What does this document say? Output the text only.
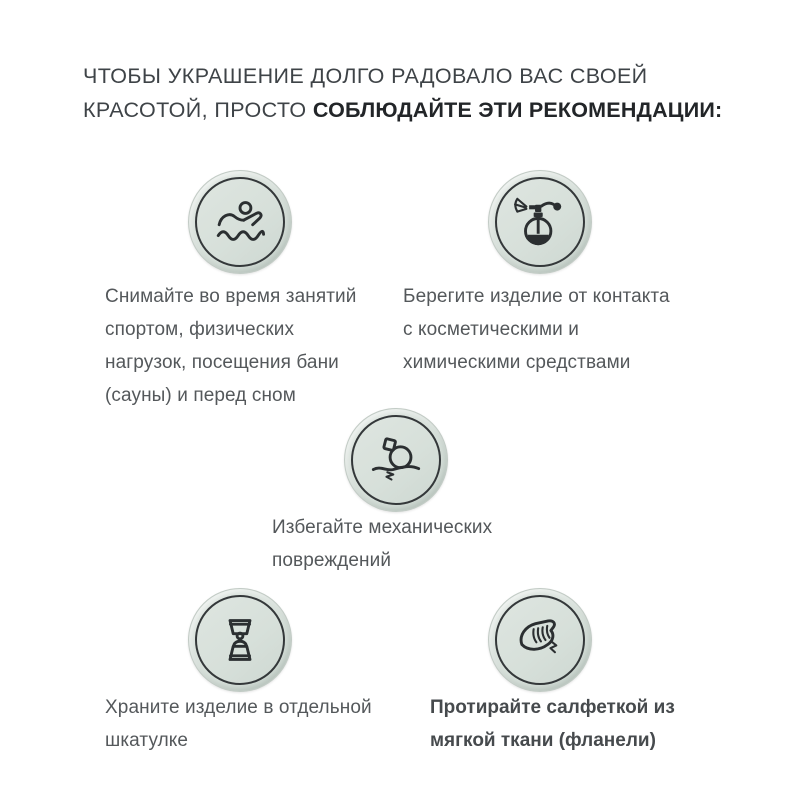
ЧТОБЫ УКРАШЕНИЕ ДОЛГО РАДОВАЛО ВАС СВОЕЙ
КРАСОТОЙ, ПРОСТО СОБЛЮДАЙТЕ ЭТИ РЕКОМЕНДАЦИИ:
Снимайте во время занятий спортом, физических нагрузок, посещения бани (сауны) и перед сном
Берегите изделие от контакта с косметическими и химическими средствами
Избегайте механических повреждений
Храните изделие в отдельной шкатулке
Протирайте салфеткой из мягкой ткани (фланели)
